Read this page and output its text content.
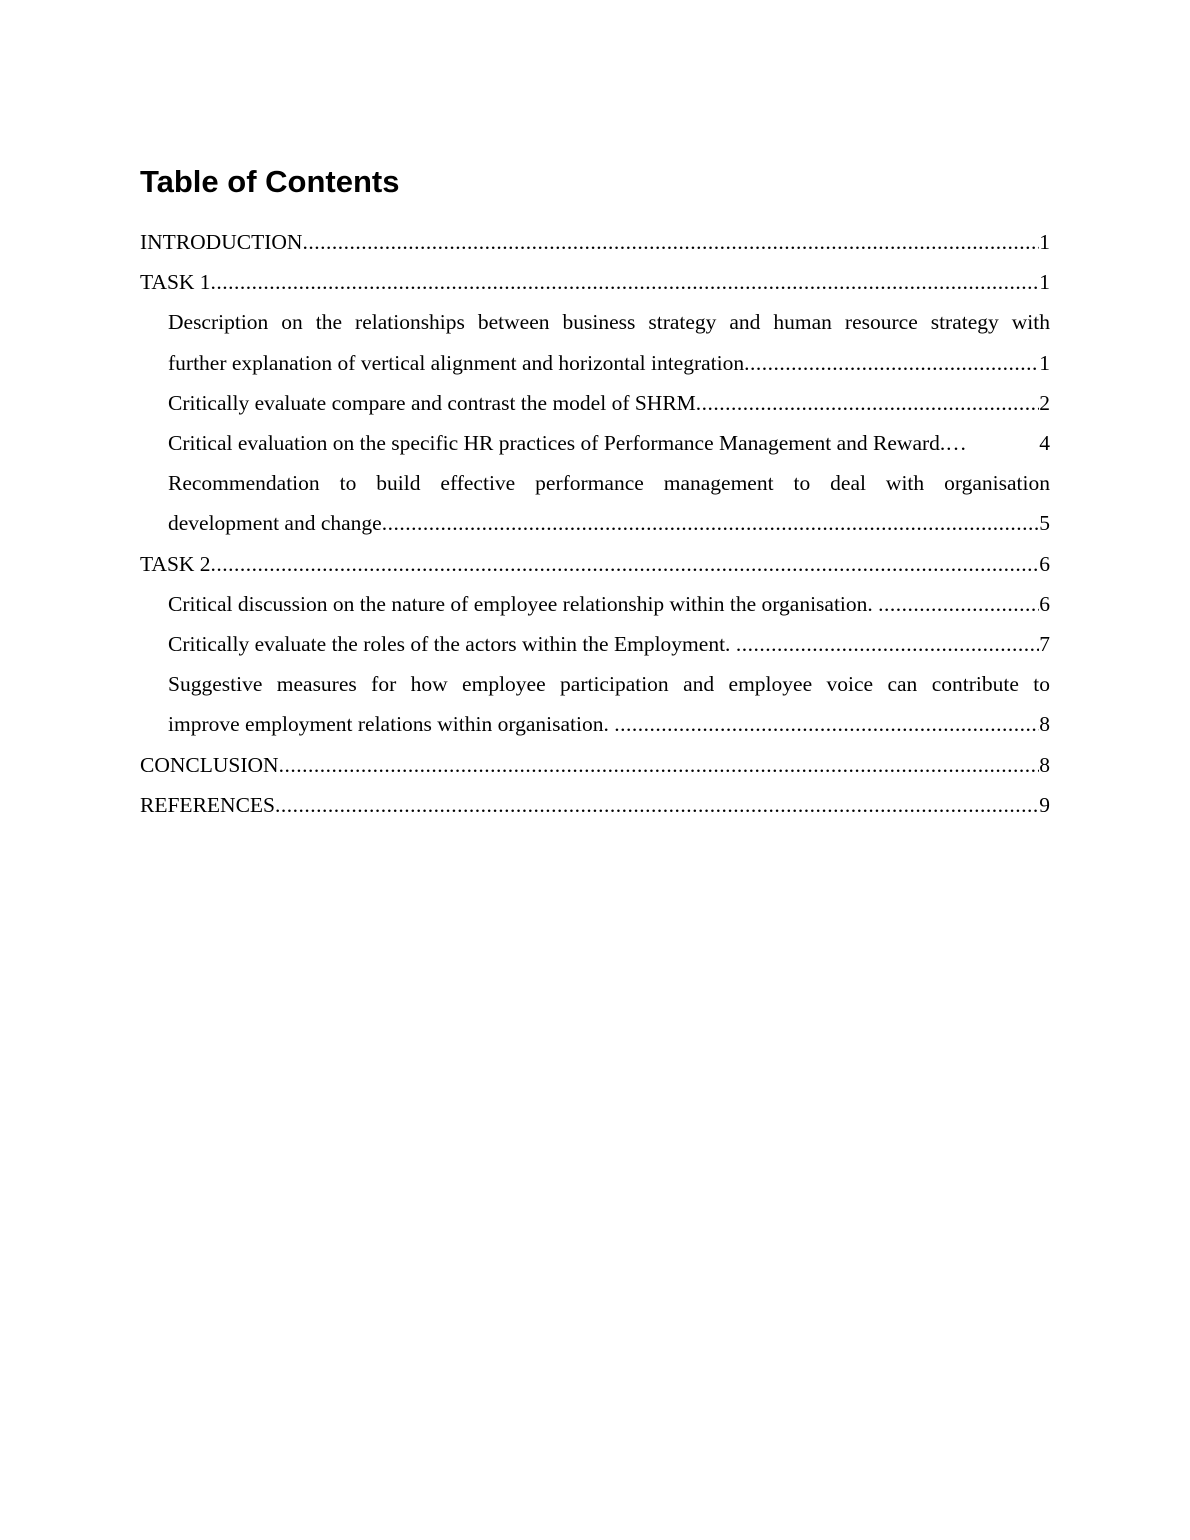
Table of Contents
INTRODUCTION .....	1
TASK 1 .....	1
Description on the relationships between business strategy and human resource strategy with
further explanation of vertical alignment and horizontal integration .....	1
Critically evaluate compare and contrast the model of SHRM .....	2
Critical evaluation on the specific HR practices of Performance Management and Reward. …	4
Recommendation to build effective performance management to deal with organisation
development and change .....	5
TASK 2 .....	6
Critical discussion on the nature of employee relationship within the organisation. .....	6
Critically evaluate the roles of the actors within the Employment. .....	7
Suggestive measures for how employee participation and employee voice can contribute to
improve employment relations within organisation. .....	8
CONCLUSION .....	8
REFERENCES .....	9
